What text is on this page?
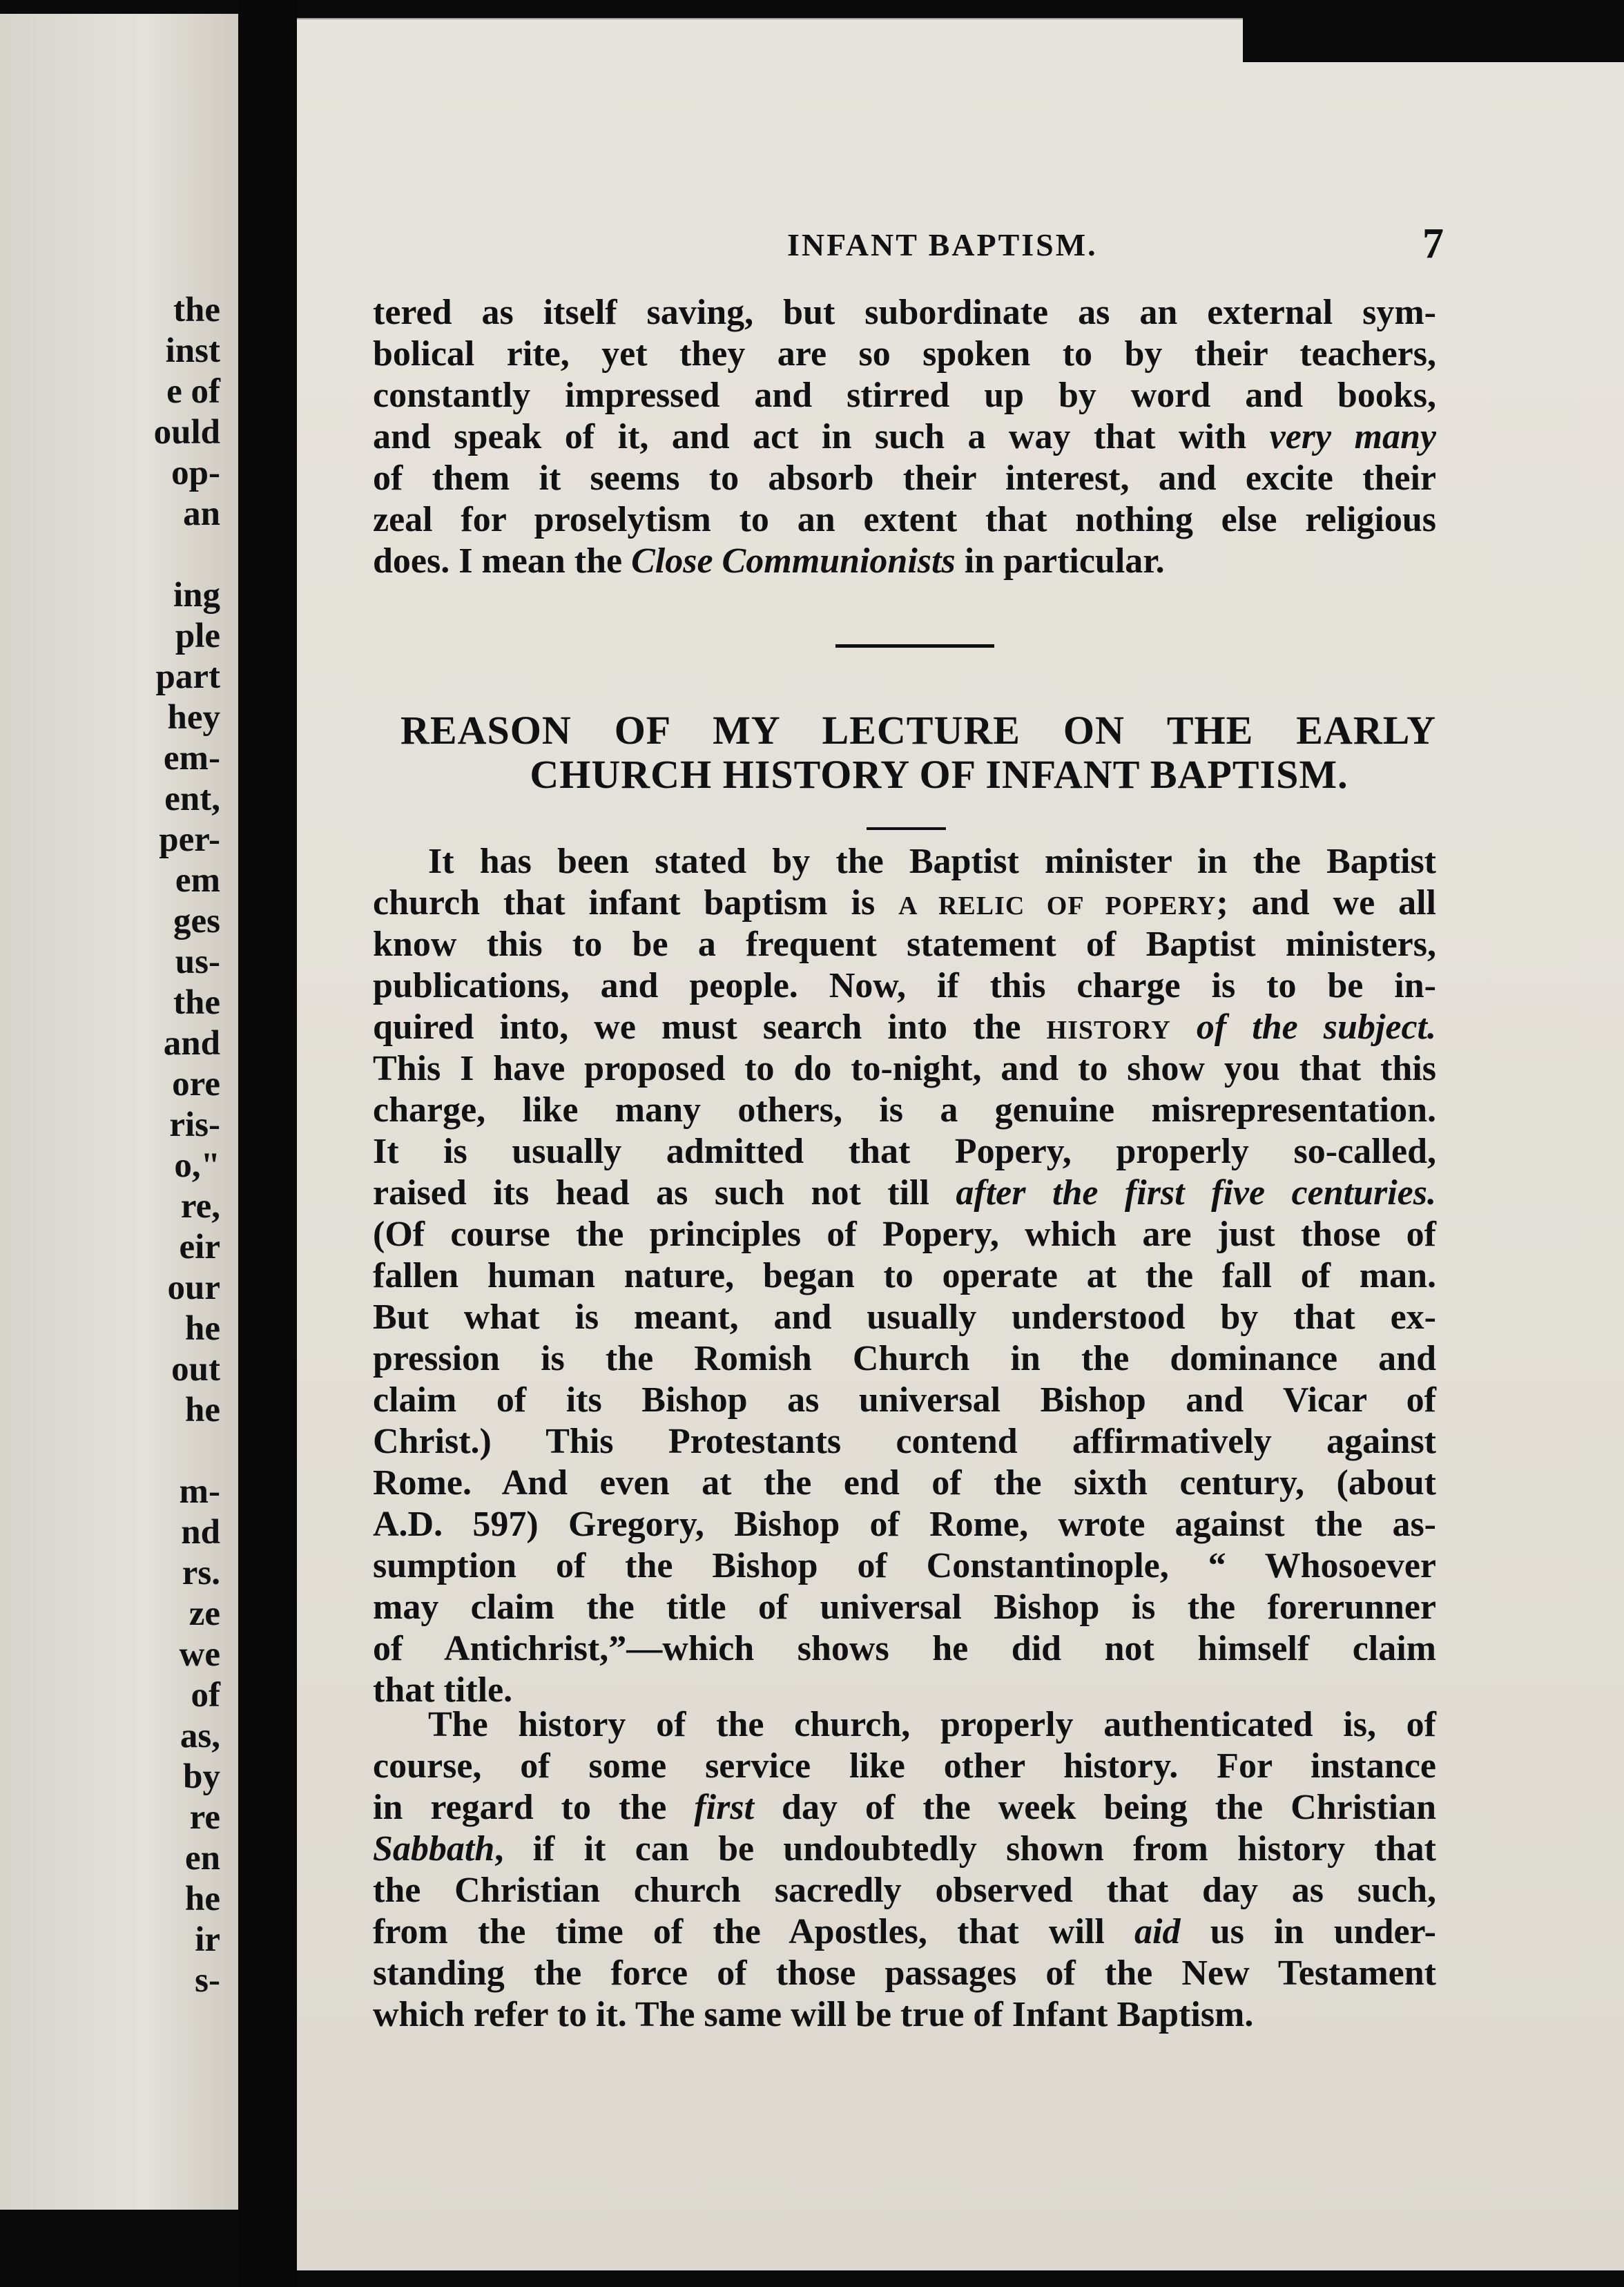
the
inst
e of
ould
op-
an
ing
ple
part
hey
em-
ent,
per-
em
ges
us-
the
and
ore
ris-
o,"
re,
eir
our
he
out
he
m-
nd
rs.
ze
we
of
as,
by
re
en
he
ir
s-
INFANT BAPTISM.	7
tered as itself saving, but subordinate as an external sym-
bolical rite, yet they are so spoken to by their teachers,
constantly impressed and stirred up by word and books,
and speak of it, and act in such a way that with very many
of them it seems to absorb their interest, and excite their
zeal for proselytism to an extent that nothing else religious
does. I mean the Close Communionists in particular.
REASON OF MY LECTURE ON THE EARLY
CHURCH HISTORY OF INFANT BAPTISM.
It has been stated by the Baptist minister in the Baptist
church that infant baptism is A RELIC OF POPERY; and we all
know this to be a frequent statement of Baptist ministers,
publications, and people. Now, if this charge is to be in-
quired into, we must search into the HISTORY of the subject.
This I have proposed to do to-night, and to show you that this
charge, like many others, is a genuine misrepresentation.
It is usually admitted that Popery, properly so-called,
raised its head as such not till after the first five centuries.
(Of course the principles of Popery, which are just those of
fallen human nature, began to operate at the fall of man.
But what is meant, and usually understood by that ex-
pression is the Romish Church in the dominance and
claim of its Bishop as universal Bishop and Vicar of
Christ.) This Protestants contend affirmatively against
Rome. And even at the end of the sixth century, (about
A.D. 597) Gregory, Bishop of Rome, wrote against the as-
sumption of the Bishop of Constantinople, “ Whosoever
may claim the title of universal Bishop is the forerunner
of Antichrist,”—which shows he did not himself claim
that title.
The history of the church, properly authenticated is, of
course, of some service like other history. For instance
in regard to the first day of the week being the Christian
Sabbath, if it can be undoubtedly shown from history that
the Christian church sacredly observed that day as such,
from the time of the Apostles, that will aid us in under-
standing the force of those passages of the New Testament
which refer to it. The same will be true of Infant Baptism.
